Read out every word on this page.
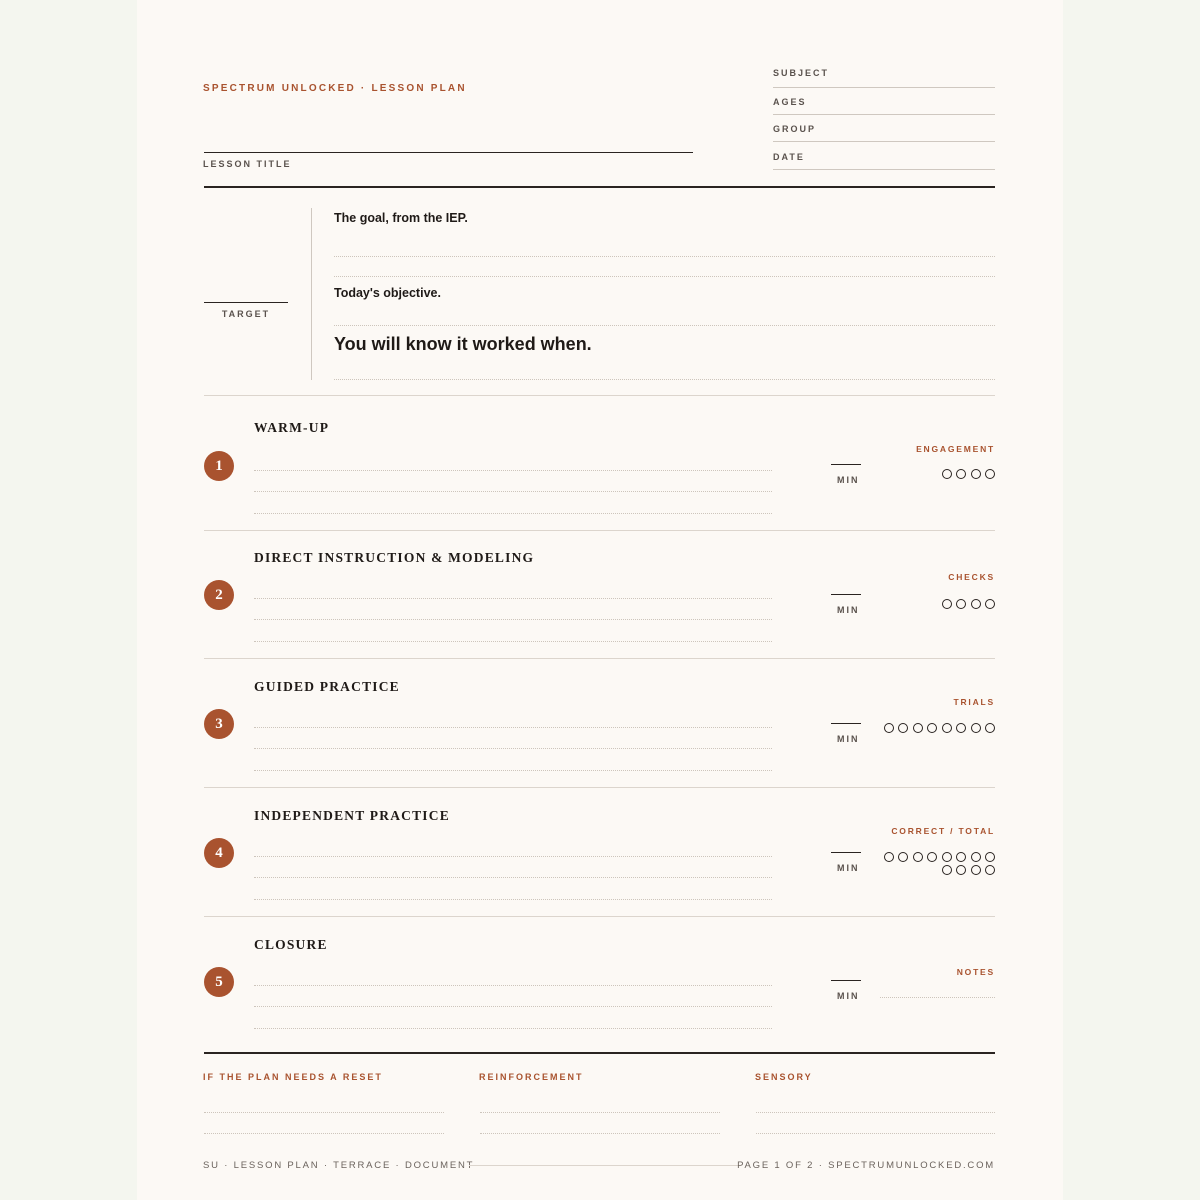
SPECTRUM UNLOCKED · LESSON PLAN
LESSON TITLE
SUBJECT
AGES
GROUP
DATE
TARGET
The goal, from the IEP.
Today's objective.
You will know it worked when.
WARM-UP
1
MIN
ENGAGEMENT
DIRECT INSTRUCTION & MODELING
2
MIN
CHECKS
GUIDED PRACTICE
3
MIN
TRIALS
INDEPENDENT PRACTICE
4
MIN
CORRECT / TOTAL
CLOSURE
5
MIN
NOTES
IF THE PLAN NEEDS A RESET	REINFORCEMENT	SENSORY
SU · LESSON PLAN · TERRACE · DOCUMENT	PAGE 1 OF 2 · SPECTRUMUNLOCKED.COM
